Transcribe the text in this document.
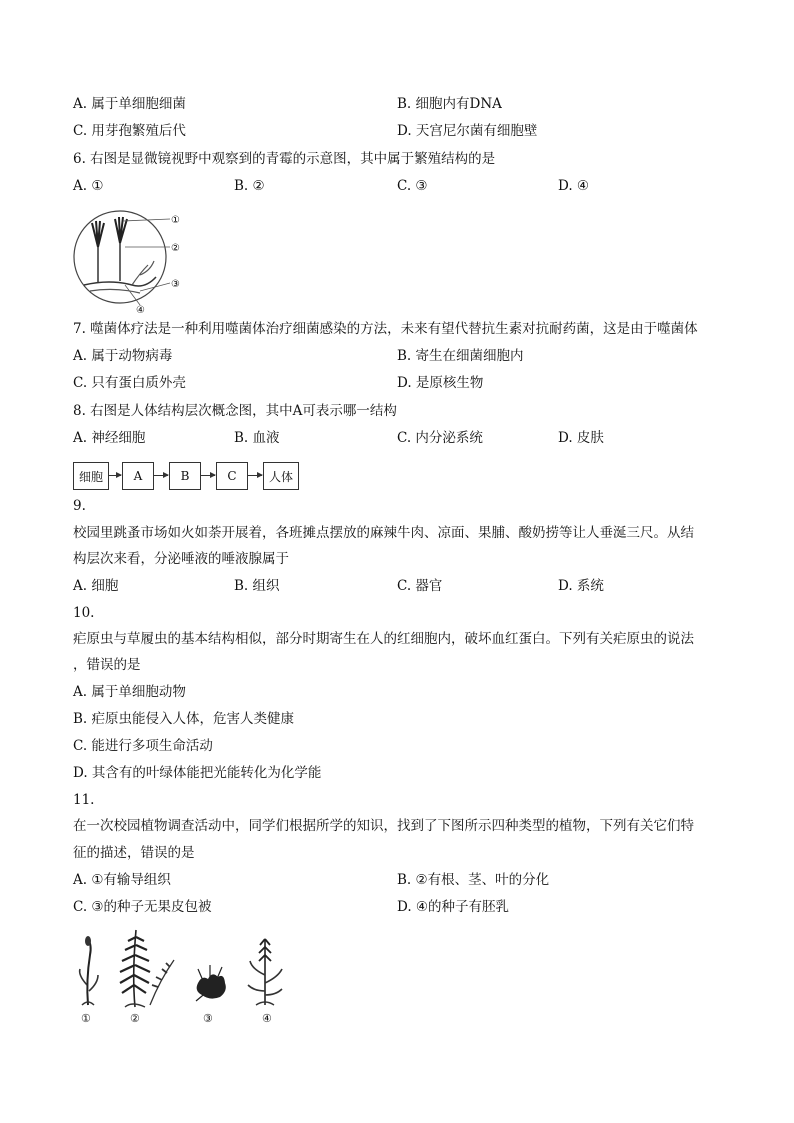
A. 属于单细胞细菌	B. 细胞内有DNA
C. 用芽孢繁殖后代	D. 天宫尼尔菌有细胞壁
6. 右图是显微镜视野中观察到的青霉的示意图，其中属于繁殖结构的是
A. ①	B. ②	C. ③	D. ④
①
②
③
④
7. 噬菌体疗法是一种利用噬菌体治疗细菌感染的方法，未来有望代替抗生素对抗耐药菌，这是由于噬菌体
A. 属于动物病毒	B. 寄生在细菌细胞内
C. 只有蛋白质外壳	D. 是原核生物
8. 右图是人体结构层次概念图，其中A可表示哪一结构
A. 神经细胞	B. 血液	C. 内分泌系统	D. 皮肤
细胞	A	B	C	人体
9.
校园里跳蚤市场如火如荼开展着，各班摊点摆放的麻辣牛肉、凉面、果脯、酸奶捞等让人垂涎三尺。从结
构层次来看，分泌唾液的唾液腺属于
A. 细胞	B. 组织	C. 器官	D. 系统
10.
疟原虫与草履虫的基本结构相似，部分时期寄生在人的红细胞内，破坏血红蛋白。下列有关疟原虫的说法
，错误的是
A. 属于单细胞动物
B. 疟原虫能侵入人体，危害人类健康
C. 能进行多项生命活动
D. 其含有的叶绿体能把光能转化为化学能
11.
在一次校园植物调查活动中，同学们根据所学的知识，找到了下图所示四种类型的植物，下列有关它们特
征的描述，错误的是
A. ①有输导组织	B. ②有根、茎、叶的分化
C. ③的种子无果皮包被	D. ④的种子有胚乳
①	②	③	④
